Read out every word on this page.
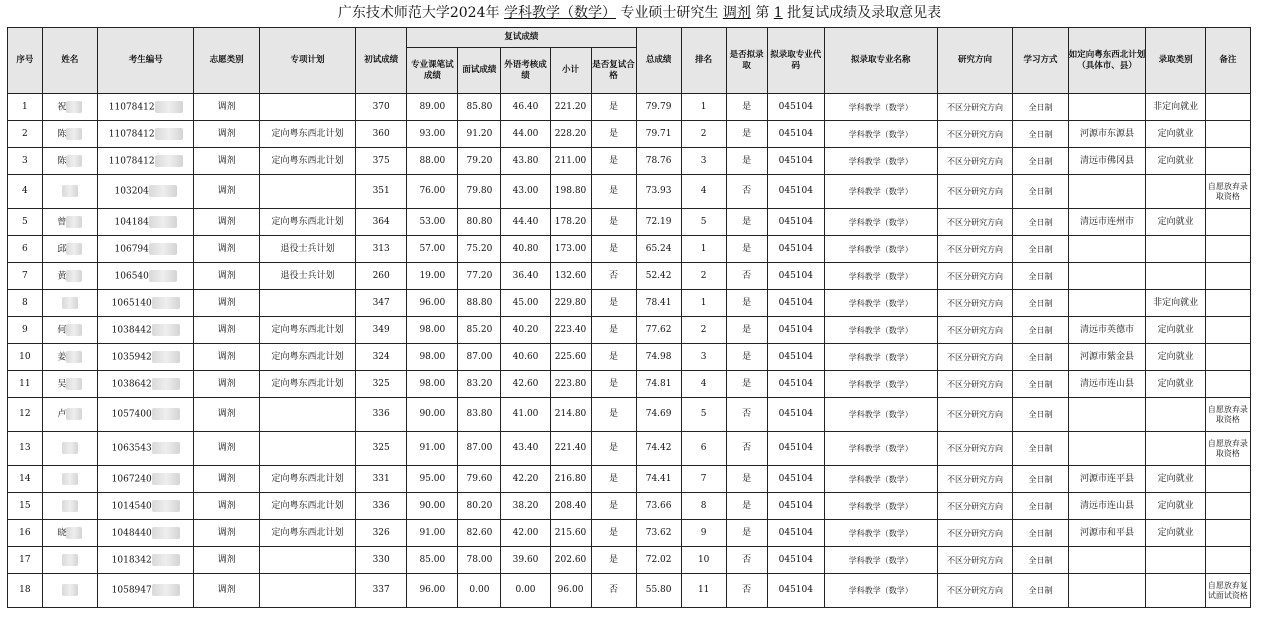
广东技术师范大学2024年 学科教学（数学） 专业硕士研究生 调剂 第 1 批复试成绩及录取意见表
序号	姓名	考生编号	志愿类别	专项计划	初试成绩	复试成绩					总成绩	排名	是否拟录取	拟录取专业代码	拟录取专业名称	研究方向	学习方式	如定向粤东西北计划（具体市、县）	录取类别	备注
						专业课笔试成绩	面试成绩	外语考核成绩	小计	是否复试合格										
1	祝	11078412	调剂		370	89.00	85.80	46.40	221.20	是	79.79	1	是	045104	学科教学（数学）	不区分研究方向	全日制		非定向就业	
2	陈	11078412	调剂	定向粤东西北计划	360	93.00	91.20	44.00	228.20	是	79.71	2	是	045104	学科教学（数学）	不区分研究方向	全日制	河源市东源县	定向就业	
3	陈	11078412	调剂	定向粤东西北计划	375	88.00	79.20	43.80	211.00	是	78.76	3	是	045104	学科教学（数学）	不区分研究方向	全日制	清远市佛冈县	定向就业	
4		103204	调剂		351	76.00	79.80	43.00	198.80	是	73.93	4	否	045104	学科教学（数学）	不区分研究方向	全日制			自愿放弃录取资格
5	曾	104184	调剂	定向粤东西北计划	364	53.00	80.80	44.40	178.20	是	72.19	5	是	045104	学科教学（数学）	不区分研究方向	全日制	清远市连州市	定向就业	
6	邱	106794	调剂	退役士兵计划	313	57.00	75.20	40.80	173.00	是	65.24	1	是	045104	学科教学（数学）	不区分研究方向	全日制			
7	黄	106540	调剂	退役士兵计划	260	19.00	77.20	36.40	132.60	否	52.42	2	否	045104	学科教学（数学）	不区分研究方向	全日制			
8		1065140	调剂		347	96.00	88.80	45.00	229.80	是	78.41	1	是	045104	学科教学（数学）	不区分研究方向	全日制		非定向就业	
9	何	1038442	调剂	定向粤东西北计划	349	98.00	85.20	40.20	223.40	是	77.62	2	是	045104	学科教学（数学）	不区分研究方向	全日制	清远市英德市	定向就业	
10	姜	1035942	调剂	定向粤东西北计划	324	98.00	87.00	40.60	225.60	是	74.98	3	是	045104	学科教学（数学）	不区分研究方向	全日制	河源市紫金县	定向就业	
11	吴	1038642	调剂	定向粤东西北计划	325	98.00	83.20	42.60	223.80	是	74.81	4	是	045104	学科教学（数学）	不区分研究方向	全日制	清远市连山县	定向就业	
12	卢	1057400	调剂		336	90.00	83.80	41.00	214.80	是	74.69	5	否	045104	学科教学（数学）	不区分研究方向	全日制			自愿放弃录取资格
13		1063543	调剂		325	91.00	87.00	43.40	221.40	是	74.42	6	否	045104	学科教学（数学）	不区分研究方向	全日制			自愿放弃录取资格
14		1067240	调剂	定向粤东西北计划	331	95.00	79.60	42.20	216.80	是	74.41	7	是	045104	学科教学（数学）	不区分研究方向	全日制	河源市连平县	定向就业	
15		1014540	调剂	定向粤东西北计划	336	90.00	80.20	38.20	208.40	是	73.66	8	是	045104	学科教学（数学）	不区分研究方向	全日制	清远市连山县	定向就业	
16	晓	1048440	调剂	定向粤东西北计划	326	91.00	82.60	42.00	215.60	是	73.62	9	是	045104	学科教学（数学）	不区分研究方向	全日制	河源市和平县	定向就业	
17		1018342	调剂		330	85.00	78.00	39.60	202.60	是	72.02	10	否	045104	学科教学（数学）	不区分研究方向	全日制			
18		1058947	调剂		337	96.00	0.00	0.00	96.00	否	55.80	11	否	045104	学科教学（数学）	不区分研究方向	全日制			自愿放弃复试面试资格
